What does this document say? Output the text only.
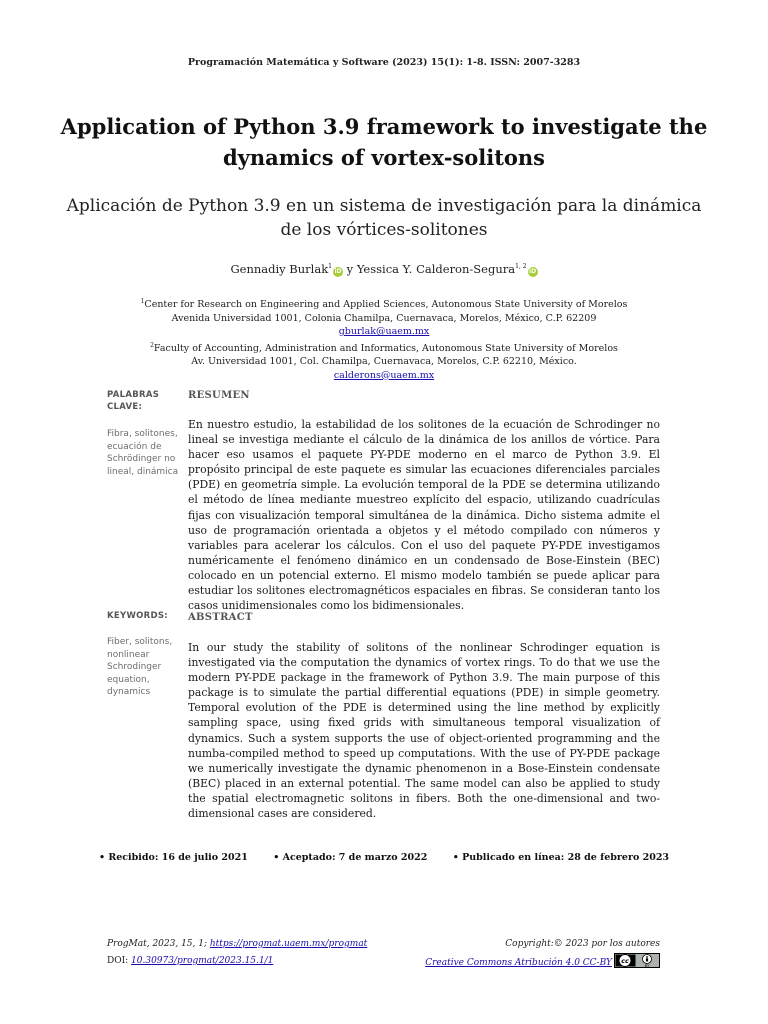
Programación Matemática y Software (2023) 15(1): 1-8. ISSN: 2007-3283
Application of Python 3.9 framework to investigate the dynamics of vortex-solitons
Aplicación de Python 3.9 en un sistema de investigación para la dinámica de los vórtices-solitones
Gennadiy Burlak$^1$iD y Yessica Y. Calderon-Segura$^{1, 2}$iD
$^1$Center for Research on Engineering and Applied Sciences, Autonomous State University of Morelos
Avenida Universidad 1001, Colonia Chamilpa, Cuernavaca, Morelos, México, C.P. 62209
gburlak@uaem.mx
$^2$Faculty of Accounting, Administration and Informatics, Autonomous State University of Morelos
Av. Universidad 1001, Col. Chamilpa, Cuernavaca, Morelos, C.P. 62210, México.
calderons@uaem.mx
PALABRAS CLAVE:
Fibra, solitones, ecuación de Schrödinger no lineal, dinámica
RESUMEN
En nuestro estudio, la estabilidad de los solitones de la ecuación de Schrodinger no lineal se investiga mediante el cálculo de la dinámica de los anillos de vórtice. Para hacer eso usamos el paquete PY-PDE moderno en el marco de Python 3.9. El propósito principal de este paquete es simular las ecuaciones diferenciales parciales (PDE) en geometría simple. La evolución temporal de la PDE se determina utilizando el método de línea mediante muestreo explícito del espacio, utilizando cuadrículas fijas con visualización temporal simultánea de la dinámica. Dicho sistema admite el uso de programación orientada a objetos y el método compilado con números y variables para acelerar los cálculos. Con el uso del paquete PY-PDE investigamos numéricamente el fenómeno dinámico en un condensado de Bose-Einstein (BEC) colocado en un potencial externo. El mismo modelo también se puede aplicar para estudiar los solitones electromagnéticos espaciales en fibras. Se consideran tanto los casos unidimensionales como los bidimensionales.
KEYWORDS:
Fiber, solitons, nonlinear Schrodinger equation, dynamics
ABSTRACT
In our study the stability of solitons of the nonlinear Schrodinger equation is investigated via the computation the dynamics of vortex rings. To do that we use the modern PY-PDE package in the framework of Python 3.9. The main purpose of this package is to simulate the partial differential equations (PDE) in simple geometry. Temporal evolution of the PDE is determined using the line method by explicitly sampling space, using fixed grids with simultaneous temporal visualization of dynamics. Such a system supports the use of object-oriented programming and the numba-compiled method to speed up computations. With the use of PY-PDE package we numerically investigate the dynamic phenomenon in a Bose-Einstein condensate (BEC) placed in an external potential. The same model can also be applied to study the spatial electromagnetic solitons in fibers. Both the one-dimensional and two-dimensional cases are considered.
• Recibido: 16 de julio 2021	• Aceptado: 7 de marzo 2022	• Publicado en línea: 28 de febrero 2023
ProgMat, 2023, 15, 1; https://progmat.uaem.mx/progmat
DOI: 10.30973/progmat/2023.15.1/1
Copyright:© 2023 por los autores
Creative Commons Atribución 4.0 CC-BY cc
BY
